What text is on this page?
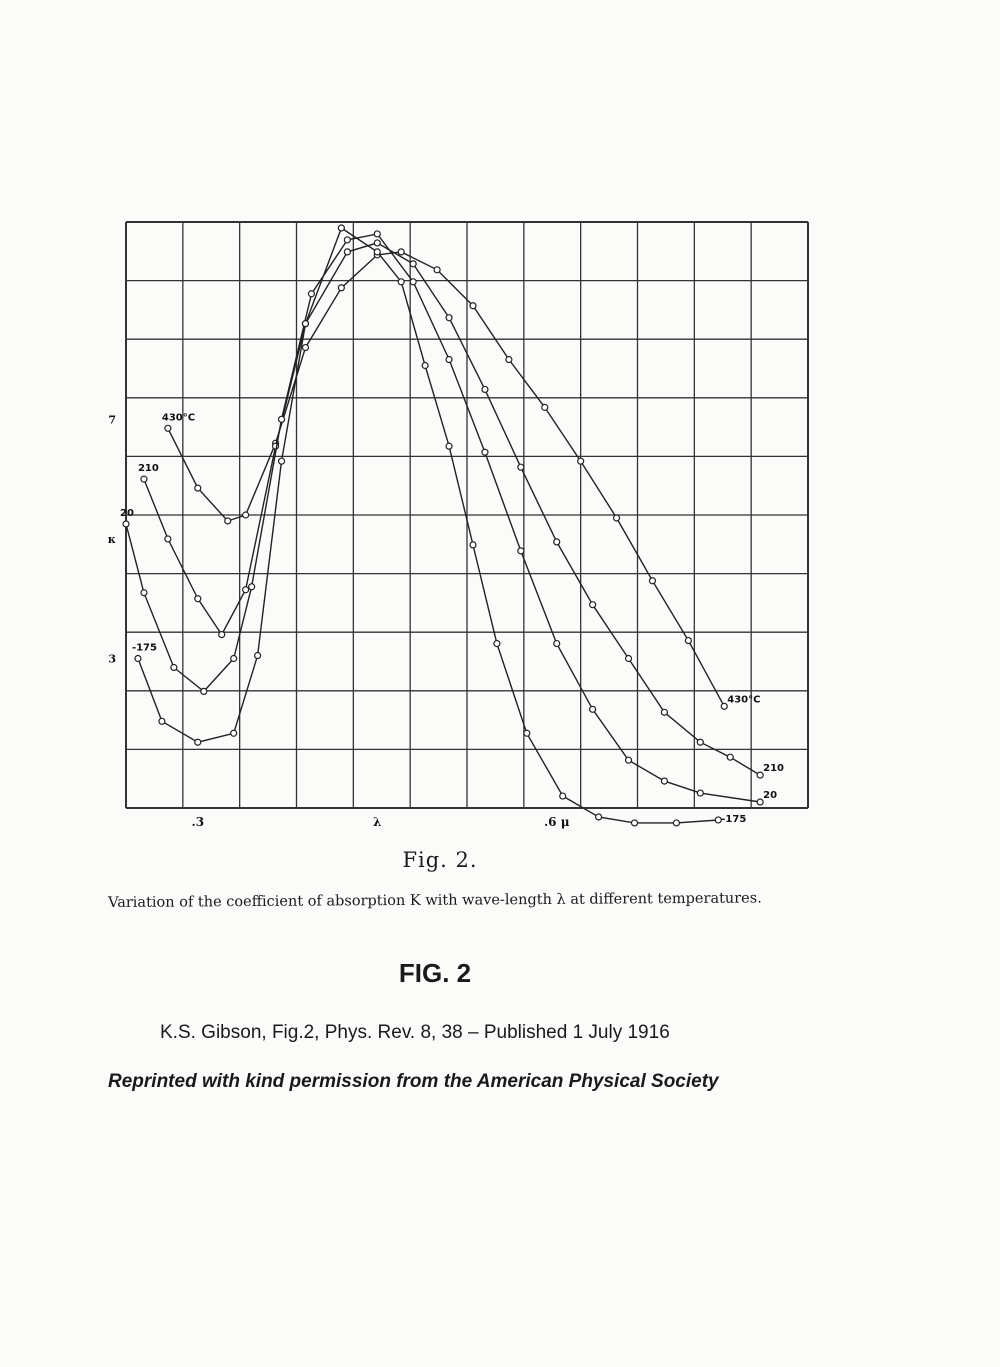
430°C
430°C
210
210
20
20
-175
-175
.3	λ	.6 μ
3
κ
7
Fig. 2.
Variation of the coefficient of absorption K with wave-length λ at different temperatures.
FIG. 2
K.S. Gibson, Fig.2, Phys. Rev. 8, 38 – Published 1 July 1916
Reprinted with kind permission from the American Physical Society
